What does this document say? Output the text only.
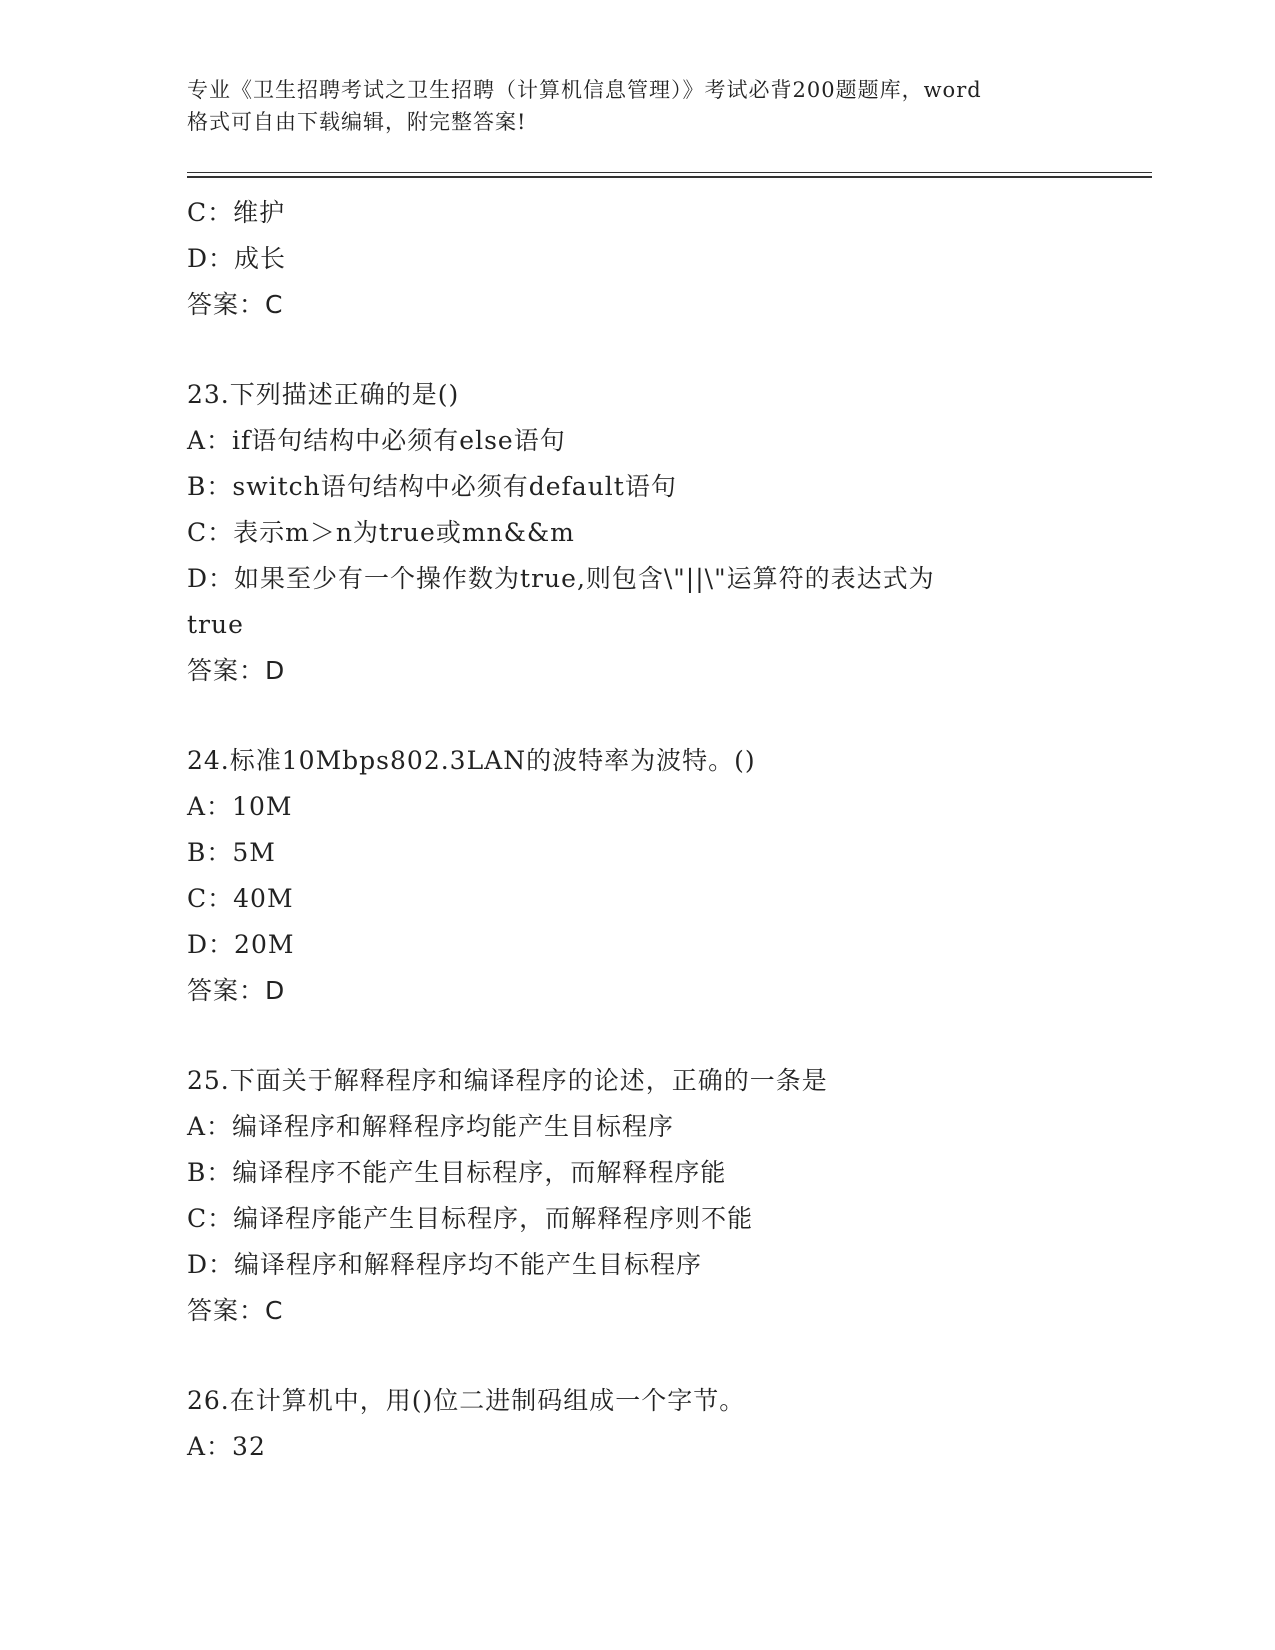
专业《卫生招聘考试之卫生招聘（计算机信息管理）》考试必背200题题库，word
格式可自由下载编辑，附完整答案!
C：维护
D：成长
答案：C
23.下列描述正确的是()
A：if语句结构中必须有else语句
B：switch语句结构中必须有default语句
C：表示m＞n为true或mn&&m
D：如果至少有一个操作数为true,则包含\"||\"运算符的表达式为
true
答案：D
24.标准10Mbps802.3LAN的波特率为波特。()
A：10M
B：5M
C：40M
D：20M
答案：D
25.下面关于解释程序和编译程序的论述，正确的一条是
A：编译程序和解释程序均能产生目标程序
B：编译程序不能产生目标程序，而解释程序能
C：编译程序能产生目标程序，而解释程序则不能
D：编译程序和解释程序均不能产生目标程序
答案：C
26.在计算机中，用()位二进制码组成一个字节。
A：32
